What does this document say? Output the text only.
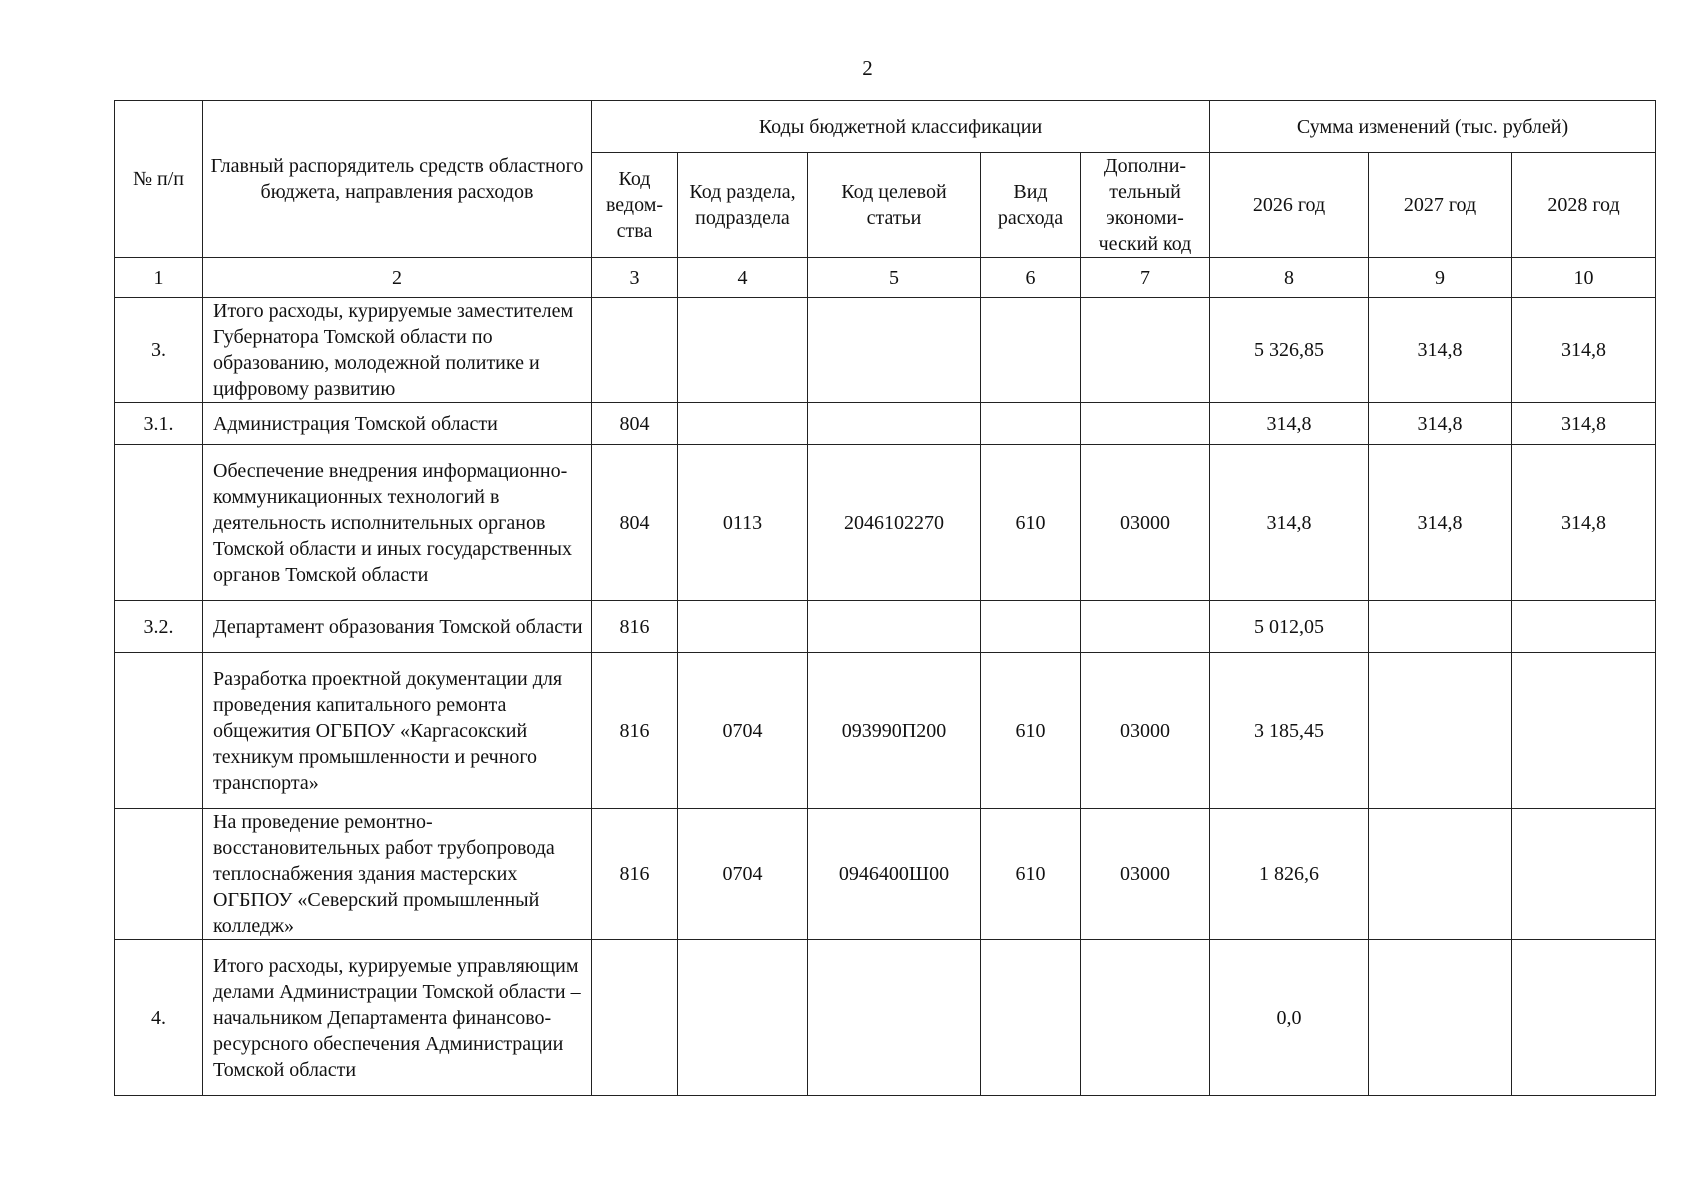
2
№ п/п	Главный распорядитель средств областного бюджета, направления расходов	Коды бюджетной классификации					Сумма изменений (тыс. рублей)		
		Код ведом-ства	Код раздела, подраздела	Код целевой статьи	Вид расхода	Дополни-тельный экономи-ческий код	2026 год	2027 год	2028 год
1	2	3	4	5	6	7	8	9	10
3.	Итого расходы, курируемые заместителем Губернатора Томской области по образованию, молодежной политике и цифровому развитию						5 326,85	314,8	314,8
3.1.	Администрация Томской области	804					314,8	314,8	314,8
	Обеспечение внедрения информационно-коммуникационных технологий в деятельность исполнительных органов Томской области и иных государственных органов Томской области	804	0113	2046102270	610	03000	314,8	314,8	314,8
3.2.	Департамент образования Томской области	816					5 012,05		
	Разработка проектной документации для проведения капитального ремонта общежития ОГБПОУ «Каргасокский техникум промышленности и речного транспорта»	816	0704	093990П200	610	03000	3 185,45		
	На проведение ремонтно-восстановительных работ трубопровода теплоснабжения здания мастерских ОГБПОУ «Северский промышленный колледж»	816	0704	0946400Ш00	610	03000	1 826,6		
4.	Итого расходы, курируемые управляющим делами Администрации Томской области – начальником Департамента финансово-ресурсного обеспечения Администрации Томской области						0,0		
